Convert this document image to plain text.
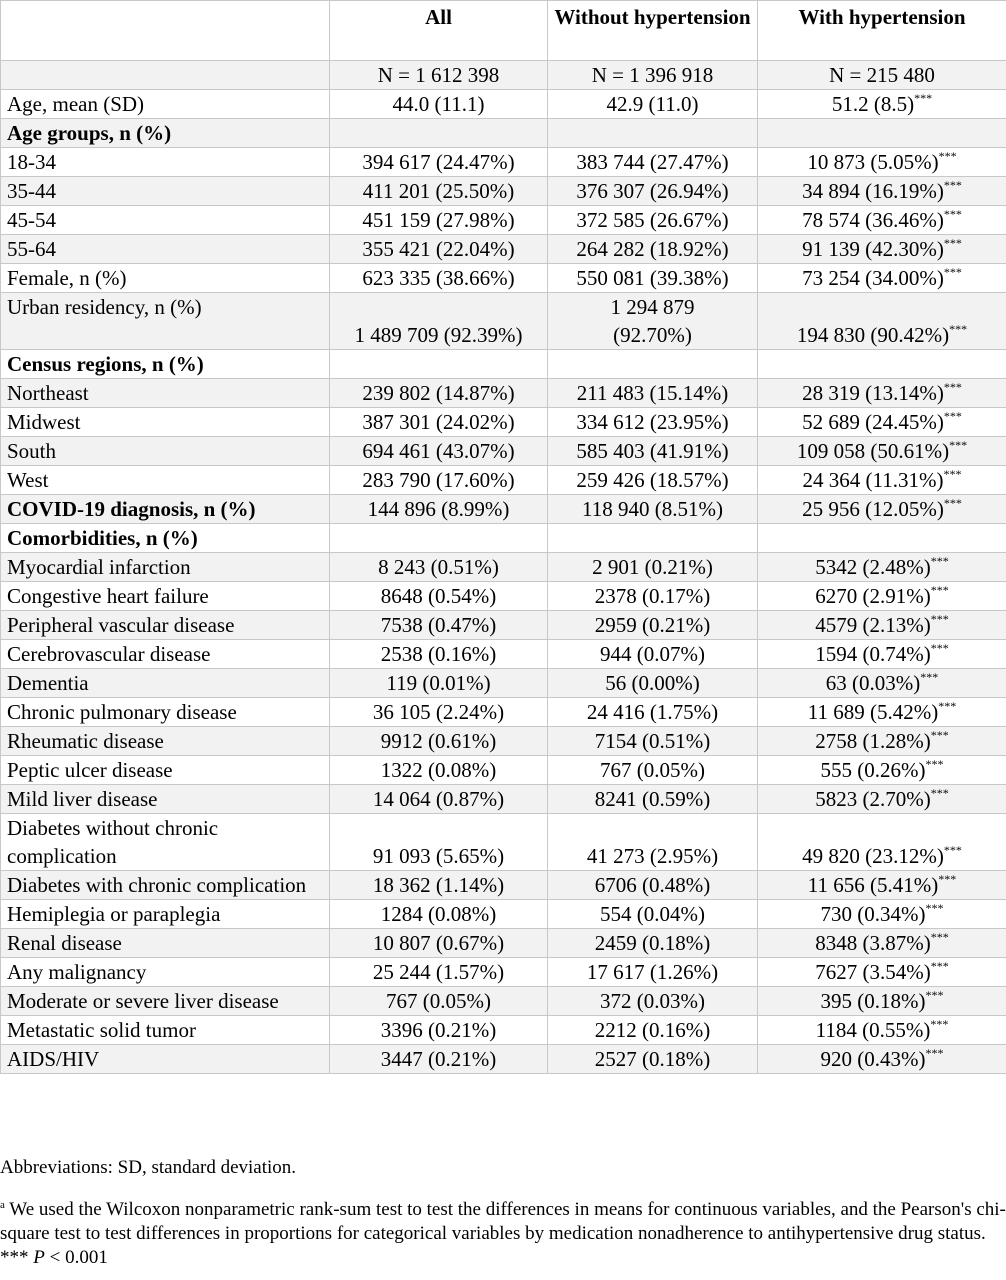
	All	Without hypertension	With hypertension
	N = 1 612 398	N = 1 396 918	N = 215 480
Age, mean (SD)	44.0 (11.1)	42.9 (11.0)	51.2 (8.5)***
Age groups, n (%)			
18-34	394 617 (24.47%)	383 744 (27.47%)	10 873 (5.05%)***
35-44	411 201 (25.50%)	376 307 (26.94%)	34 894 (16.19%)***
45-54	451 159 (27.98%)	372 585 (26.67%)	78 574 (36.46%)***
55-64	355 421 (22.04%)	264 282 (18.92%)	91 139 (42.30%)***
Female, n (%)	623 335 (38.66%)	550 081 (39.38%)	73 254 (34.00%)***
Urban residency, n (%)	1 489 709 (92.39%)	1 294 879 (92.70%)	194 830 (90.42%)***
Census regions, n (%)			
Northeast	239 802 (14.87%)	211 483 (15.14%)	28 319 (13.14%)***
Midwest	387 301 (24.02%)	334 612 (23.95%)	52 689 (24.45%)***
South	694 461 (43.07%)	585 403 (41.91%)	109 058 (50.61%)***
West	283 790 (17.60%)	259 426 (18.57%)	24 364 (11.31%)***
COVID-19 diagnosis, n (%)	144 896 (8.99%)	118 940 (8.51%)	25 956 (12.05%)***
Comorbidities, n (%)			
Myocardial infarction	8 243 (0.51%)	2 901 (0.21%)	5342 (2.48%)***
Congestive heart failure	8648 (0.54%)	2378 (0.17%)	6270 (2.91%)***
Peripheral vascular disease	7538 (0.47%)	2959 (0.21%)	4579 (2.13%)***
Cerebrovascular disease	2538 (0.16%)	944 (0.07%)	1594 (0.74%)***
Dementia	119 (0.01%)	56 (0.00%)	63 (0.03%)***
Chronic pulmonary disease	36 105 (2.24%)	24 416 (1.75%)	11 689 (5.42%)***
Rheumatic disease	9912 (0.61%)	7154 (0.51%)	2758 (1.28%)***
Peptic ulcer disease	1322 (0.08%)	767 (0.05%)	555 (0.26%)***
Mild liver disease	14 064 (0.87%)	8241 (0.59%)	5823 (2.70%)***
Diabetes without chronic complication	91 093 (5.65%)	41 273 (2.95%)	49 820 (23.12%)***
Diabetes with chronic complication	18 362 (1.14%)	6706 (0.48%)	11 656 (5.41%)***
Hemiplegia or paraplegia	1284 (0.08%)	554 (0.04%)	730 (0.34%)***
Renal disease	10 807 (0.67%)	2459 (0.18%)	8348 (3.87%)***
Any malignancy	25 244 (1.57%)	17 617 (1.26%)	7627 (3.54%)***
Moderate or severe liver disease	767 (0.05%)	372 (0.03%)	395 (0.18%)***
Metastatic solid tumor	3396 (0.21%)	2212 (0.16%)	1184 (0.55%)***
AIDS/HIV	3447 (0.21%)	2527 (0.18%)	920 (0.43%)***

Abbreviations: SD, standard deviation.

$^a$ We used the Wilcoxon nonparametric rank-sum test to test the differences in means for continuous variables, and the Pearson's chi-square test to test differences in proportions for categorical variables by medication nonadherence to antihypertensive drug status. *** P < 0.001
